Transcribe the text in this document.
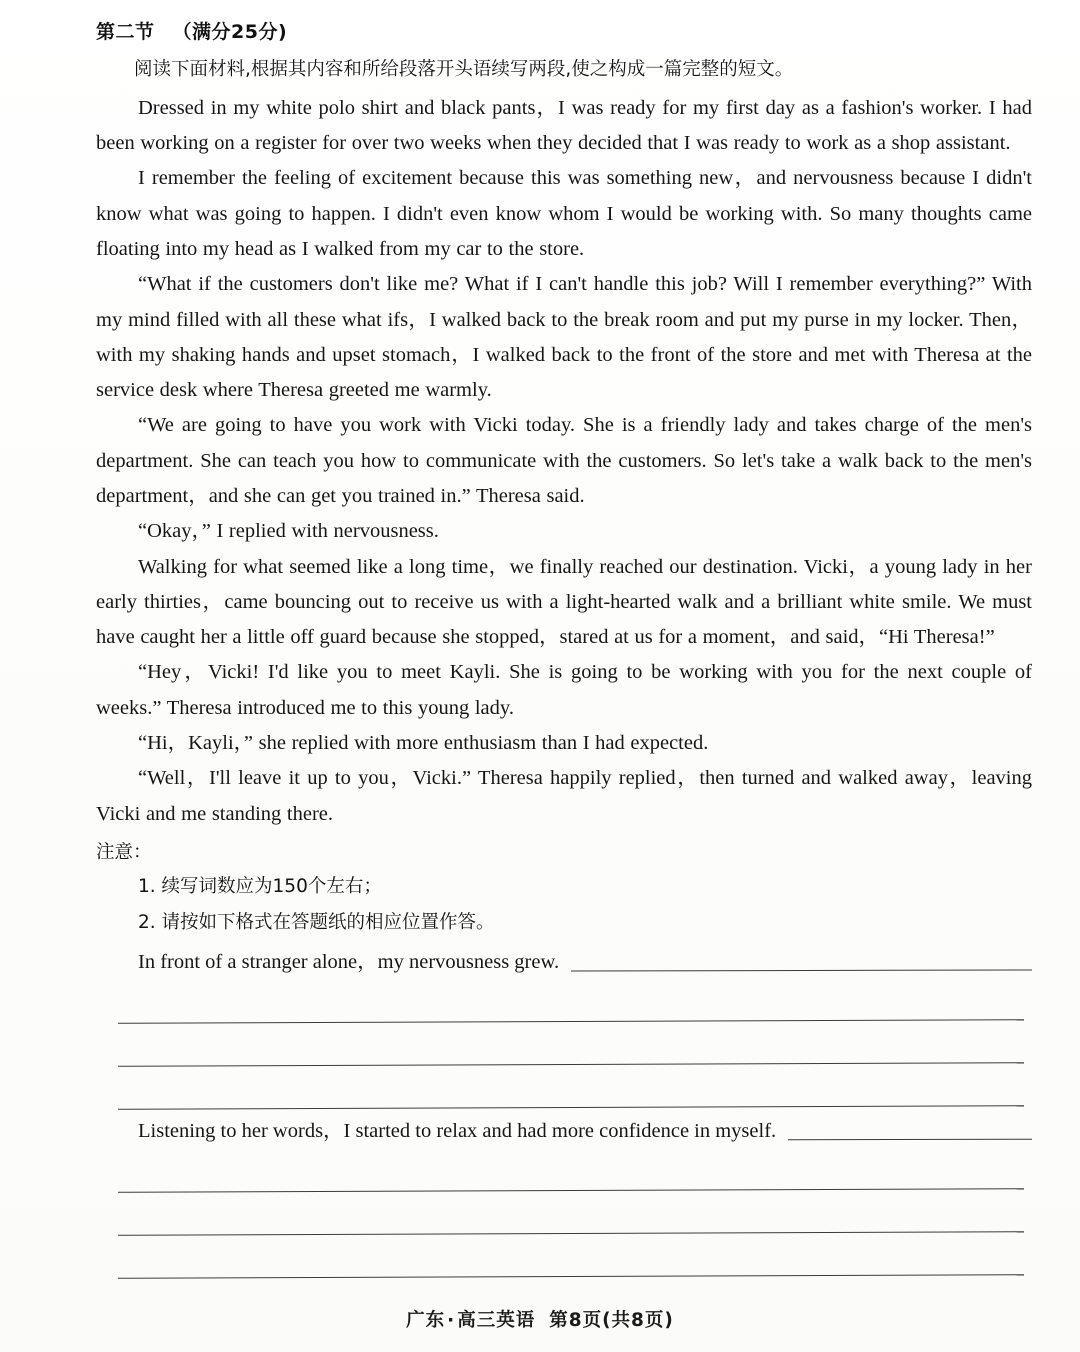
第二节 （满分25分)

阅读下面材料,根据其内容和所给段落开头语续写两段,使之构成一篇完整的短文。

Dressed in my white polo shirt and black pants，I was ready for my first day as a fashion's worker. I had been working on a register for over two weeks when they decided that I was ready to work as a shop assistant.

I remember the feeling of excitement because this was something new，and nervousness because I didn't know what was going to happen. I didn't even know whom I would be working with. So many thoughts came floating into my head as I walked from my car to the store.

“What if the customers don't like me? What if I can't handle this job? Will I remember everything?” With my mind filled with all these what ifs，I walked back to the break room and put my purse in my locker. Then，with my shaking hands and upset stomach，I walked back to the front of the store and met with Theresa at the service desk where Theresa greeted me warmly.

“We are going to have you work with Vicki today. She is a friendly lady and takes charge of the men's department. She can teach you how to communicate with the customers. So let's take a walk back to the men's department，and she can get you trained in.” Theresa said.

“Okay，” I replied with nervousness.

Walking for what seemed like a long time，we finally reached our destination. Vicki，a young lady in her early thirties，came bouncing out to receive us with a light-hearted walk and a brilliant white smile. We must have caught her a little off guard because she stopped，stared at us for a moment，and said，“Hi Theresa!”

“Hey，Vicki! I'd like you to meet Kayli. She is going to be working with you for the next couple of weeks.” Theresa introduced me to this young lady.

“Hi，Kayli，” she replied with more enthusiasm than I had expected.

“Well，I'll leave it up to you，Vicki.” Theresa happily replied，then turned and walked away，leaving Vicki and me standing there.

注意：

1. 续写词数应为150个左右；

2. 请按如下格式在答题纸的相应位置作答。

In front of a stranger alone，my nervousness grew.
Listening to her words，I started to relax and had more confidence in myself.
广东 · 高三英语 第8页(共8页)
